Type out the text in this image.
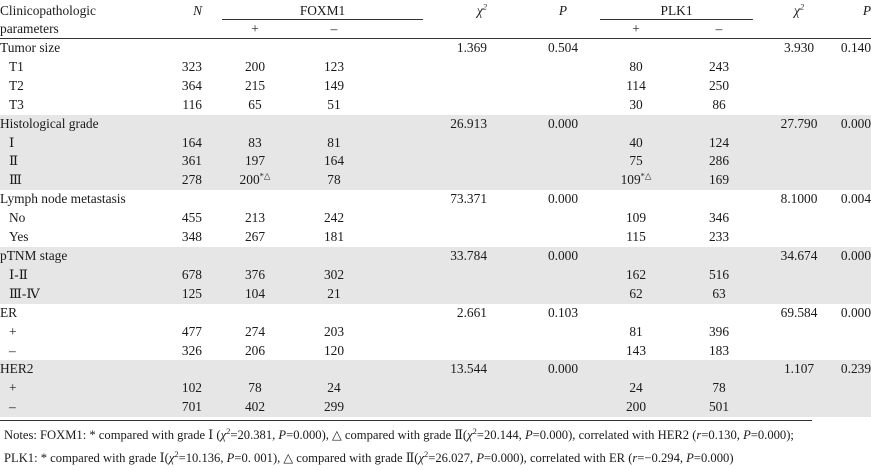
Clinicopathologic	N		FOXM1				$\chi^2$		P		PLK1				$\chi^2$	P
parameters			+		–						+		–			
Tumor size							1.369		0.504						3.930	0.140
T1	323		200		123						80		243			
T2	364		215		149						114		250			
T3	116		65		51						30		86			
Histological grade							26.913		0.000						27.790	0.000
Ⅰ	164		83		81						40		124			
Ⅱ	361		197		164						75		286			
Ⅲ	278		200*△		78						109*△		169			
Lymph node metastasis							73.371		0.000						8.1000	0.004
No	455		213		242						109		346			
Yes	348		267		181						115		233			
pTNM stage							33.784		0.000						34.674	0.000
Ⅰ-Ⅱ	678		376		302						162		516			
Ⅲ-Ⅳ	125		104		21						62		63			
ER							2.661		0.103						69.584	0.000
+	477		274		203						81		396			
–	326		206		120						143		183			
HER2							13.544		0.000						1.107	0.239
+	102		78		24						24		78			
–	701		402		299						200		501			
Notes: FOXM1: * compared with grade Ⅰ ($\chi^2=20.381$, P=0.000), △ compared with grade $Ⅱ(\chi^2=20.144$, P=0.000), correlated with HER2 (r=0.130, P=0.000);
PLK1: * compared with grade $Ⅰ(\chi^2=10.136$, P=0. 001), △ compared with grade $Ⅱ(\chi^2=26.027$, P=0.000), correlated with ER (r=−0.294, P=0.000)
